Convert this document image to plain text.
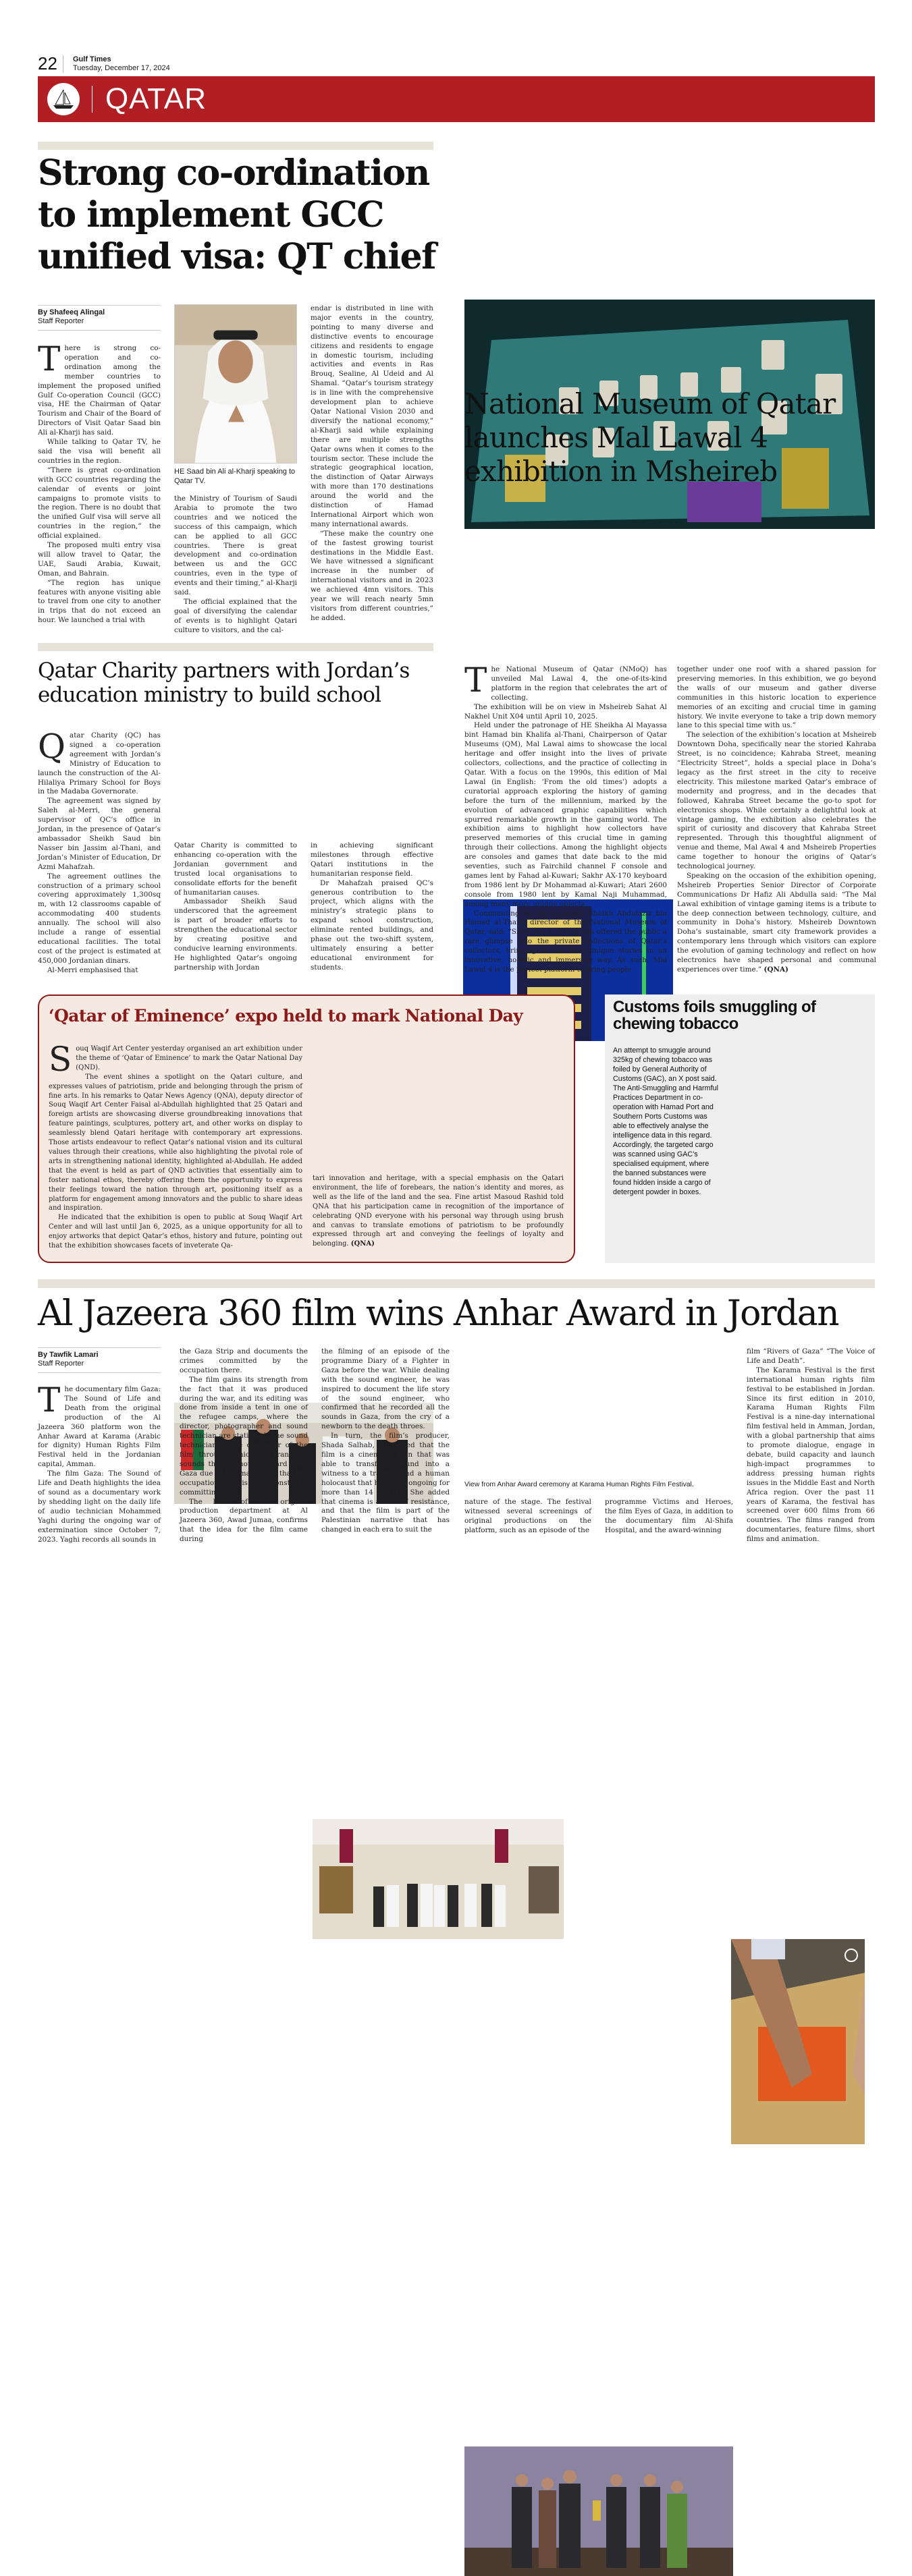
22 Gulf Times
Tuesday, December 17, 2024
QATAR
Strong co-ordination to implement GCC unified visa: QT chief
By Shafeeq Alingal
Staff Reporter
T here is strong co-operation and co-ordination among the member countries to implement the proposed unified Gulf Co-operation Council (GCC) visa, HE the Chairman of Qatar Tourism and Chair of the Board of Directors of Visit Qatar Saad bin Ali al-Kharji has said.

While talking to Qatar TV, he said the visa will benefit all countries in the region.

“There is great co-ordination with GCC countries regarding the calendar of events or joint campaigns to promote visits to the region. There is no doubt that the unified Gulf visa will serve all countries in the region,” the official explained.

The proposed multi entry visa will allow travel to Qatar, the UAE, Saudi Arabia, Kuwait, Oman, and Bahrain.

“The region has unique features with anyone visiting able to travel from one city to another in trips that do not exceed an hour. We launched a trial with

HE Saad bin Ali al-Kharji speaking to Qatar TV.

the Ministry of Tourism of Saudi Arabia to promote the two countries and we noticed the success of this campaign, which can be applied to all GCC countries. There is great development and co-ordination between us and the GCC countries, even in the type of events and their timing,” al-Kharji said.

The official explained that the goal of diversifying the calendar of events is to highlight Qatari culture to visitors, and the cal-

endar is distributed in line with major events in the country, pointing to many diverse and distinctive events to encourage citizens and residents to engage in domestic tourism, including activities and events in Ras Brouq, Sealine, Al Udeid and Al Shamal. “Qatar’s tourism strategy is in line with the comprehensive development plan to achieve Qatar National Vision 2030 and diversify the national economy,” al-Kharji said while explaining there are multiple strengths Qatar owns when it comes to the tourism sector. These include the strategic geographical location, the distinction of Qatar Airways with more than 170 destinations around the world and the distinction of Hamad International Airport which won many international awards.

“These make the country one of the fastest growing tourist destinations in the Middle East. We have witnessed a significant increase in the number of international visitors and in 2023 we achieved 4mn visitors. This year we will reach nearly 5mn visitors from different countries,” he added.

National Museum of Qatar launches Mal Lawal 4 exhibition in Msheireb
T he National Museum of Qatar (NMoQ) has unveiled Mal Lawal 4, the one-of-its-kind platform in the region that celebrates the art of collecting.

The exhibition will be on view in Msheireb Sahat Al Nakhel Unit X04 until April 10, 2025.

Held under the patronage of HE Sheikha Al Mayassa bint Hamad bin Khalifa al-Thani, Chairperson of Qatar Museums (QM), Mal Lawal aims to showcase the local heritage and offer insight into the lives of private collectors, collections, and the practice of collecting in Qatar. With a focus on the 1990s, this edition of Mal Lawal (in English: ‘From the old times’) adopts a curatorial approach exploring the history of gaming before the turn of the millennium, marked by the evolution of advanced graphic capabilities which spurred remarkable growth in the gaming world. The exhibition aims to highlight how collectors have preserved memories of this crucial time in gaming through their collections. Among the highlight objects are consoles and games that date back to the mid seventies, such as Fairchild channel F console and games lent by Fahad al-Kuwari; Sakhr AX-170 keyboard from 1986 lent by Dr Mohammad al-Kuwari; Atari 2600 console from 1980 lent by Kamal Naji Muhammad, among many more unique objects.

Commenting on the occasion, Sheikh Abdulaziz bin Hamad al-Thani, director of the National Museum of Qatar, said: “Since 2012, NMoQ has offered the public a rare glimpse into the private collections of Qatar’s collectors, bringing to life their unique stories in an innovative, holistic and immersive way. As such, Mal Lawal 4 is the perfect platform to bring people

together under one roof with a shared passion for preserving memories. In this exhibition, we go beyond the walls of our museum and gather diverse communities in this historic location to experience memories of an exciting and crucial time in gaming history. We invite everyone to take a trip down memory lane to this special time with us.”

The selection of the exhibition’s location at Msheireb Downtown Doha, specifically near the storied Kahraba Street, is no coincidence; Kahraba Street, meaning “Electricity Street”, holds a special place in Doha’s legacy as the first street in the city to receive electricity. This milestone marked Qatar’s embrace of modernity and progress, and in the decades that followed, Kahraba Street became the go-to spot for electronics shops. While certainly a delightful look at vintage gaming, the exhibition also celebrates the spirit of curiosity and discovery that Kahraba Street represented. Through this thoughtful alignment of venue and theme, Mal Awal 4 and Msheireb Properties came together to honour the origins of Qatar’s technological journey.

Speaking on the occasion of the exhibition opening, Msheireb Properties Senior Director of Corporate Communications Dr Hafiz Ali Abdulla said: “The Mal Lawal exhibition of vintage gaming items is a tribute to the deep connection between technology, culture, and community in Doha’s history. Msheireb Downtown Doha’s sustainable, smart city framework provides a contemporary lens through which visitors can explore the evolution of gaming technology and reflect on how electronics have shaped personal and communal experiences over time.” (QNA)

Qatar Charity partners with Jordan’s education ministry to build school
Q atar Charity (QC) has signed a co-operation agreement with Jordan’s Ministry of Education to launch the construction of the Al-Hilaliya Primary School for Boys in the Madaba Governorate.

The agreement was signed by Saleh al-Merri, the general supervisor of QC’s office in Jordan, in the presence of Qatar’s ambassador Sheikh Saud bin Nasser bin Jassim al-Thani, and Jordan’s Minister of Education, Dr Azmi Mahafzah.

The agreement outlines the construction of a primary school covering approximately 1,300sq m, with 12 classrooms capable of accommodating 400 students annually. The school will also include a range of essential educational facilities. The total cost of the project is estimated at 450,000 Jordanian dinars.

Al-Merri emphasised that

Qatar Charity is committed to enhancing co-operation with the Jordanian government and trusted local organisations to consolidate efforts for the benefit of humanitarian causes.

Ambassador Sheikh Saud underscored that the agreement is part of broader efforts to strengthen the educational sector by creating positive and conducive learning environments. He highlighted Qatar’s ongoing partnership with Jordan

in achieving significant milestones through effective Qatari institutions in the humanitarian response field.

Dr Mahafzah praised QC’s generous contribution to the project, which aligns with the ministry’s strategic plans to expand school construction, eliminate rented buildings, and phase out the two-shift system, ultimately ensuring a better educational environment for students.

‘Qatar of Eminence’ expo held to mark National Day
S ouq Waqif Art Center yesterday organised an art exhibition under the theme of ‘Qatar of Eminence’ to mark the Qatar National Day (QND).

The event shines a spotlight on the Qatari culture, and expresses values of patriotism, pride and belonging through the prism of fine arts. In his remarks to Qatar News Agency (QNA), deputy director of Souq Waqif Art Center Faisal al-Abdullah highlighted that 25 Qatari and foreign artists are showcasing diverse groundbreaking innovations that feature paintings, sculptures, pottery art, and other works on display to seamlessly blend Qatari heritage with contemporary art expressions. Those artists endeavour to reflect Qatar’s national vision and its cultural values through their creations, while also highlighting the pivotal role of arts in strengthening national identity, highlighted al-Abdullah. He added that the event is held as part of QND activities that essentially aim to foster national ethos, thereby offering them the opportunity to express their feelings toward the nation through art, positioning itself as a platform for engagement among innovators and the public to share ideas and inspiration.

He indicated that the exhibition is open to public at Souq Waqif Art Center and will last until Jan 6, 2025, as a unique opportunity for all to enjoy artworks that depict Qatar’s ethos, history and future, pointing out that the exhibition showcases facets of inveterate Qa-

tari innovation and heritage, with a special emphasis on the Qatari environment, the life of forebears, the nation’s identity and mores, as well as the life of the land and the sea. Fine artist Masoud Rashid told QNA that his participation came in recognition of the importance of celebrating QND everyone with his personal way through using brush and canvas to translate emotions of patriotism to be profoundly expressed through art and conveying the feelings of loyalty and belonging. (QNA)

Customs foils smuggling of chewing tobacco
An attempt to smuggle around 325kg of chewing tobacco was foiled by General Authority of Customs (GAC), an X post said. The Anti-Smuggling and Harmful Practices Department in co-operation with Hamad Port and Southern Ports Customs was able to effectively analyse the intelligence data in this regard. Accordingly, the targeted cargo was scanned using GAC’s specialised equipment, where the banned substances were found hidden inside a cargo of detergent powder in boxes.
Al Jazeera 360 film wins Anhar Award in Jordan
By Tawfik Lamari
Staff Reporter
T he documentary film Gaza: The Sound of Life and Death from the original production of the Al Jazeera 360 platform won the Anhar Award at Karama (Arabic for dignity) Human Rights Film Festival held in the Jordanian capital, Amman.

The film Gaza: The Sound of Life and Death highlights the idea of sound as a documentary work by shedding light on the daily life of audio technician Mohammed Yaghi during the ongoing war of extermination since October 7, 2023. Yaghi records all sounds in

the Gaza Strip and documents the crimes committed by the occupation there.

The film gains its strength from the fact that it was produced during the war, and its editing was done from inside a tent in one of the refugee camps, where the director, photographer and sound technician are stationed. The sound technician is the character of the film through which he transmits sounds that cannot be heard from Gaza due to the massacres that the occupation is constantly committing.

The head of the original production department at Al Jazeera 360, Awad Jumaa, confirms that the idea for the film came during

the filming of an episode of the programme Diary of a Fighter in Gaza before the war. While dealing with the sound engineer, he was inspired to document the life story of the sound engineer, who confirmed that he recorded all the sounds in Gaza, from the cry of a newborn to the death throes.

In turn, the film’s producer, Shada Salhab, confirmed that the film is a cinematic icon that was able to transform sound into a witness to a tragedy and a human holocaust that has been ongoing for more than 14 months. She added that cinema is an act of resistance, and that the film is part of the Palestinian narrative that has changed in each era to suit the

View from Anhar Award ceremony at Karama Human Rights Film Festival.

nature of the stage. The festival witnessed several screenings of original productions on the platform, such as an episode of the

programme Victims and Heroes, the film Eyes of Gaza, in addition to the documentary film Al-Shifa Hospital, and the award-winning

film “Rivers of Gaza” “The Voice of Life and Death”.

The Karama Festival is the first international human rights film festival to be established in Jordan. Since its first edition in 2010, Karama Human Rights Film Festival is a nine-day international film festival held in Amman, Jordan, with a global partnership that aims to promote dialogue, engage in debate, build capacity and launch high-impact programmes to address pressing human rights issues in the Middle East and North Africa region. Over the past 11 years of Karama, the festival has screened over 600 films from 66 countries. The films ranged from documentaries, feature films, short films and animation.
